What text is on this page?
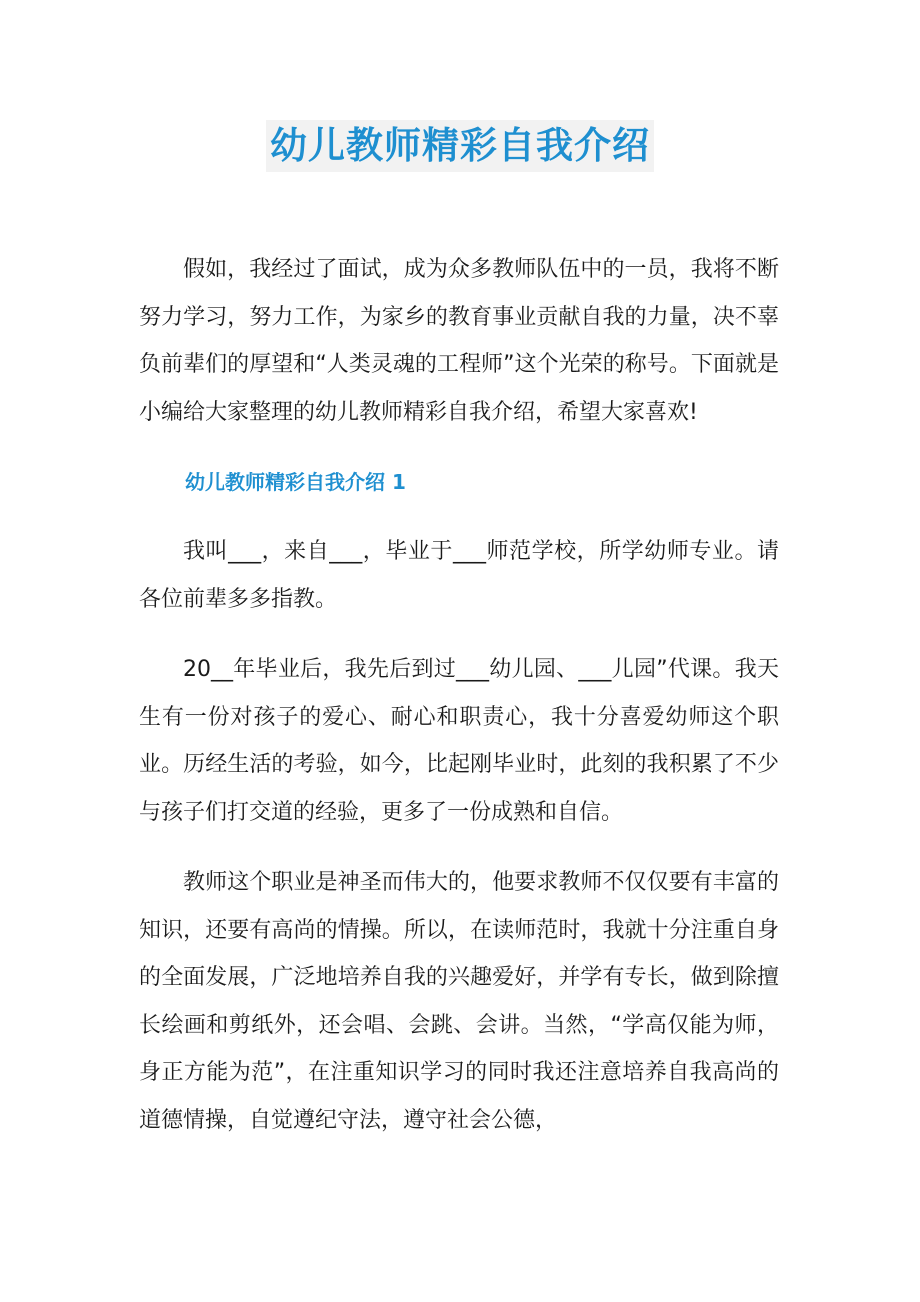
幼儿教师精彩自我介绍

假如，我经过了面试，成为众多教师队伍中的一员，我将不断努力学习，努力工作，为家乡的教育事业贡献自我的力量，决不辜负前辈们的厚望和“人类灵魂的工程师”这个光荣的称号。下面就是小编给大家整理的幼儿教师精彩自我介绍，希望大家喜欢!

幼儿教师精彩自我介绍 1

我叫___，来自___，毕业于___师范学校，所学幼师专业。请各位前辈多多指教。

20__年毕业后，我先后到过___幼儿园、___儿园”代课。我天生有一份对孩子的爱心、耐心和职责心，我十分喜爱幼师这个职业。历经生活的考验，如今，比起刚毕业时，此刻的我积累了不少与孩子们打交道的经验，更多了一份成熟和自信。

教师这个职业是神圣而伟大的，他要求教师不仅仅要有丰富的知识，还要有高尚的情操。所以，在读师范时，我就十分注重自身的全面发展，广泛地培养自我的兴趣爱好，并学有专长，做到除擅长绘画和剪纸外，还会唱、会跳、会讲。当然，“学高仅能为师，身正方能为范”，在注重知识学习的同时我还注意培养自我高尚的道德情操，自觉遵纪守法，遵守社会公德，
